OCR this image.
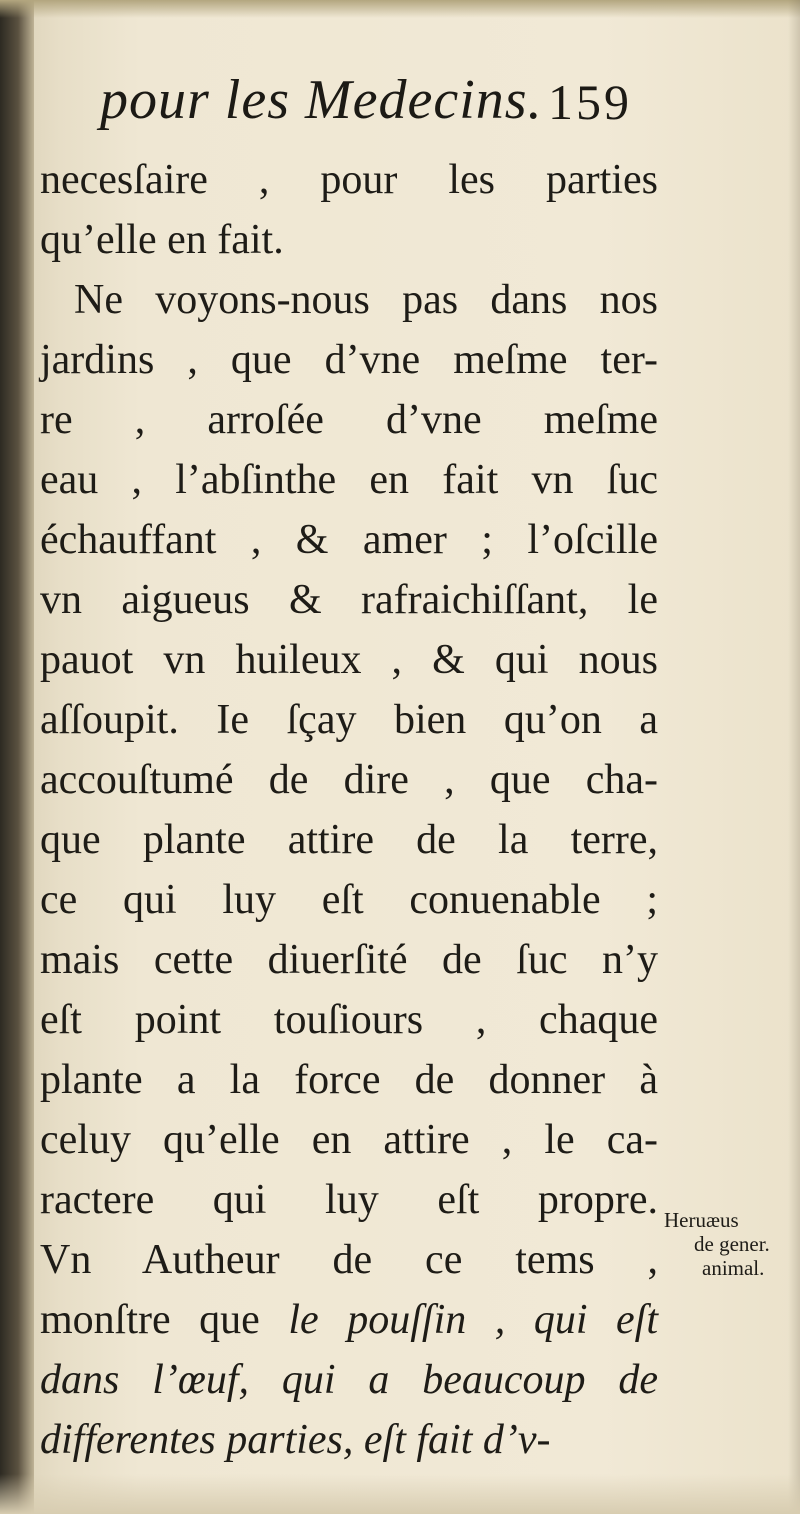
pour les Medecins. 159
necesſaire , pour les parties
qu’elle en fait.
Ne voyons-nous pas dans nos
jardins , que d’vne meſme ter-
re , arroſée d’vne meſme
eau , l’abſinthe en fait vn ſuc
échauffant , & amer ; l’oſcille
vn aigueus & rafraichiſſant, le
pauot vn huileux , & qui nous
aſſoupit. Ie ſçay bien qu’on a
accouſtumé de dire , que cha-
que plante attire de la terre,
ce qui luy eſt conuenable ;
mais cette diuerſité de ſuc n’y
eſt point touſiours , chaque
plante a la force de donner à
celuy qu’elle en attire , le ca-
ractere qui luy eſt propre.
Vn Autheur de ce tems ,
monſtre que le pouſſin , qui eſt
dans l’œuf, qui a beaucoup de
differentes parties, eſt fait d’v-
Heruæus
de gener.
animal.
